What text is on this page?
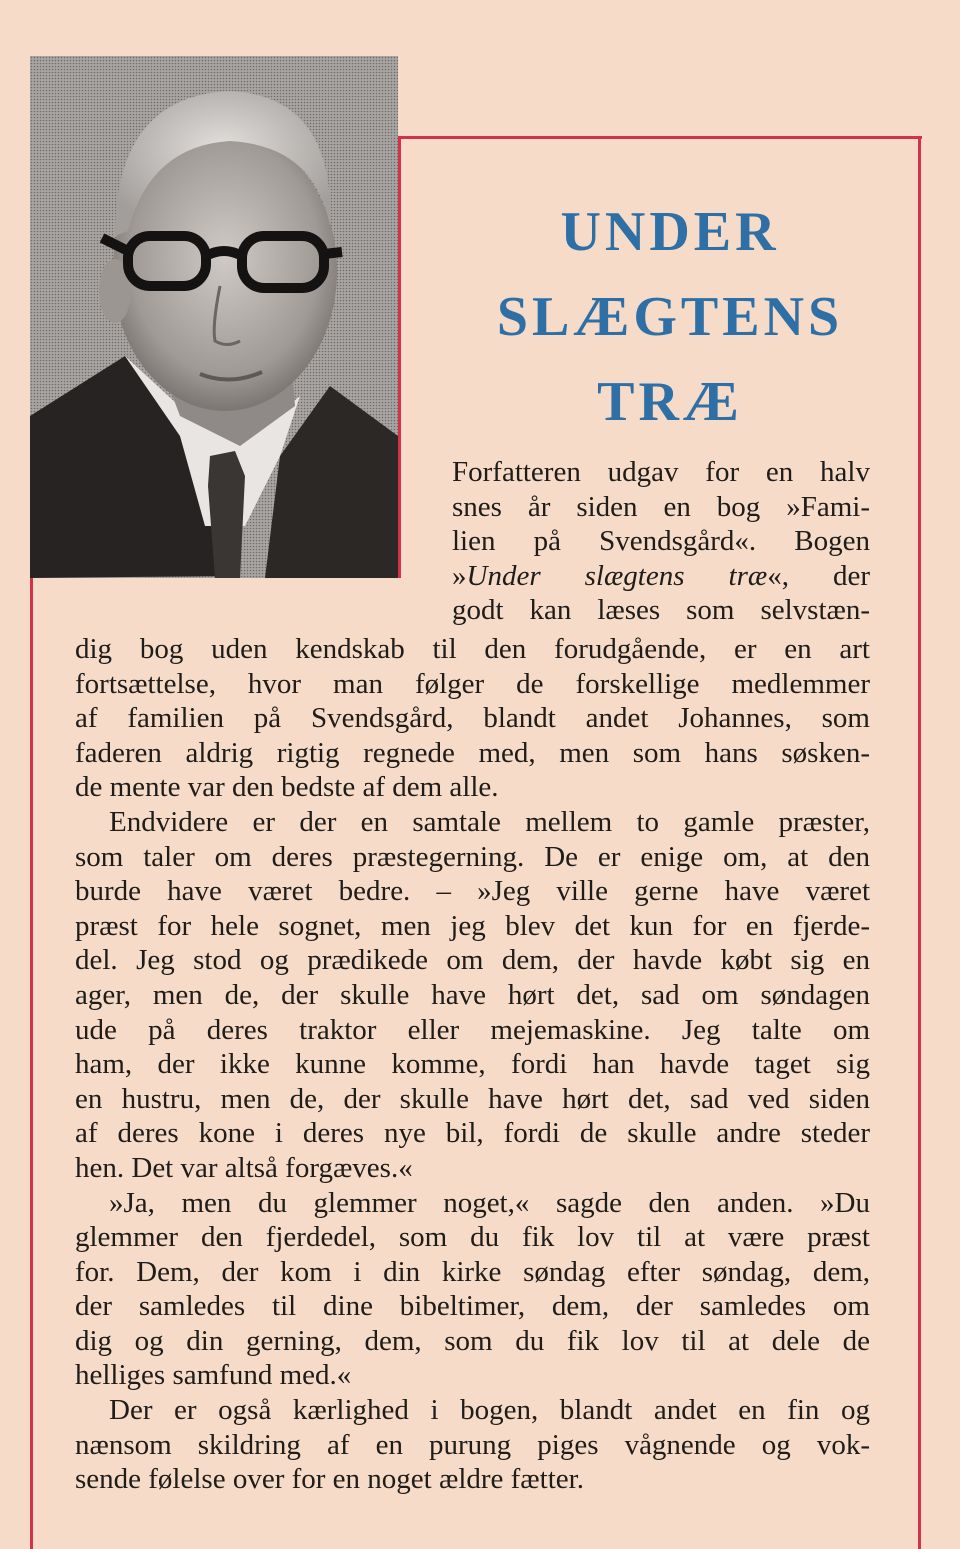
UNDER
SLÆGTENS
TRÆ
Forfatteren udgav for en halv
snes år siden en bog »Fami-
lien på Svendsgård«. Bogen
»Under slægtens træ«, der
godt kan læses som selvstæn-
dig bog uden kendskab til den forudgående, er en art
fortsættelse, hvor man følger de forskellige medlemmer
af familien på Svendsgård, blandt andet Johannes, som
faderen aldrig rigtig regnede med, men som hans søsken-
de mente var den bedste af dem alle.
Endvidere er der en samtale mellem to gamle præster,
som taler om deres præstegerning. De er enige om, at den
burde have været bedre. – »Jeg ville gerne have været
præst for hele sognet, men jeg blev det kun for en fjerde-
del. Jeg stod og prædikede om dem, der havde købt sig en
ager, men de, der skulle have hørt det, sad om søndagen
ude på deres traktor eller mejemaskine. Jeg talte om
ham, der ikke kunne komme, fordi han havde taget sig
en hustru, men de, der skulle have hørt det, sad ved siden
af deres kone i deres nye bil, fordi de skulle andre steder
hen. Det var altså forgæves.«
»Ja, men du glemmer noget,« sagde den anden. »Du
glemmer den fjerdedel, som du fik lov til at være præst
for. Dem, der kom i din kirke søndag efter søndag, dem,
der samledes til dine bibeltimer, dem, der samledes om
dig og din gerning, dem, som du fik lov til at dele de
helliges samfund med.«
Der er også kærlighed i bogen, blandt andet en fin og
nænsom skildring af en purung piges vågnende og vok-
sende følelse over for en noget ældre fætter.
